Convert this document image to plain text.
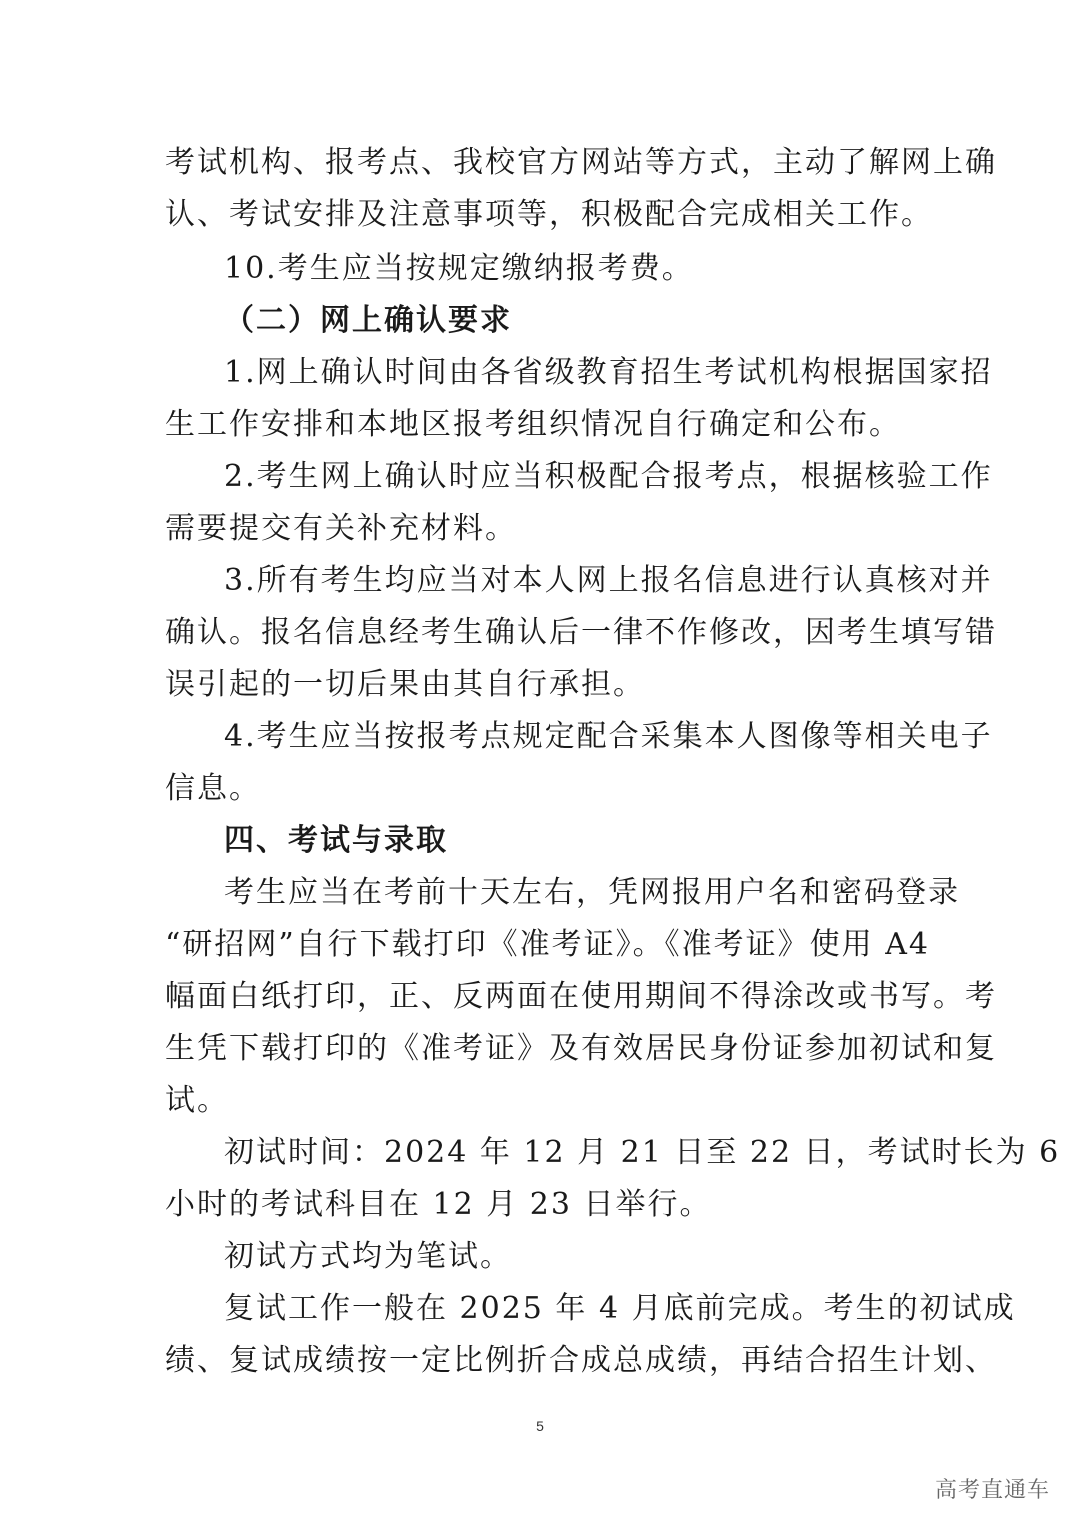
考试机构、报考点、我校官方网站等方式，主动了解网上确
认、考试安排及注意事项等，积极配合完成相关工作。
10.考生应当按规定缴纳报考费。
（二）网上确认要求
1.网上确认时间由各省级教育招生考试机构根据国家招
生工作安排和本地区报考组织情况自行确定和公布。
2.考生网上确认时应当积极配合报考点，根据核验工作
需要提交有关补充材料。
3.所有考生均应当对本人网上报名信息进行认真核对并
确认。报名信息经考生确认后一律不作修改，因考生填写错
误引起的一切后果由其自行承担。
4.考生应当按报考点规定配合采集本人图像等相关电子
信息。
四、考试与录取
考生应当在考前十天左右，凭网报用户名和密码登录
“研招网”自行下载打印《准考证》。《准考证》使用 A4
幅面白纸打印，正、反两面在使用期间不得涂改或书写。考
生凭下载打印的《准考证》及有效居民身份证参加初试和复
试。
初试时间：2024 年 12 月 21 日至 22 日，考试时长为 6
小时的考试科目在 12 月 23 日举行。
初试方式均为笔试。
复试工作一般在 2025 年 4 月底前完成。考生的初试成
绩、复试成绩按一定比例折合成总成绩，再结合招生计划、
5
高考直通车
